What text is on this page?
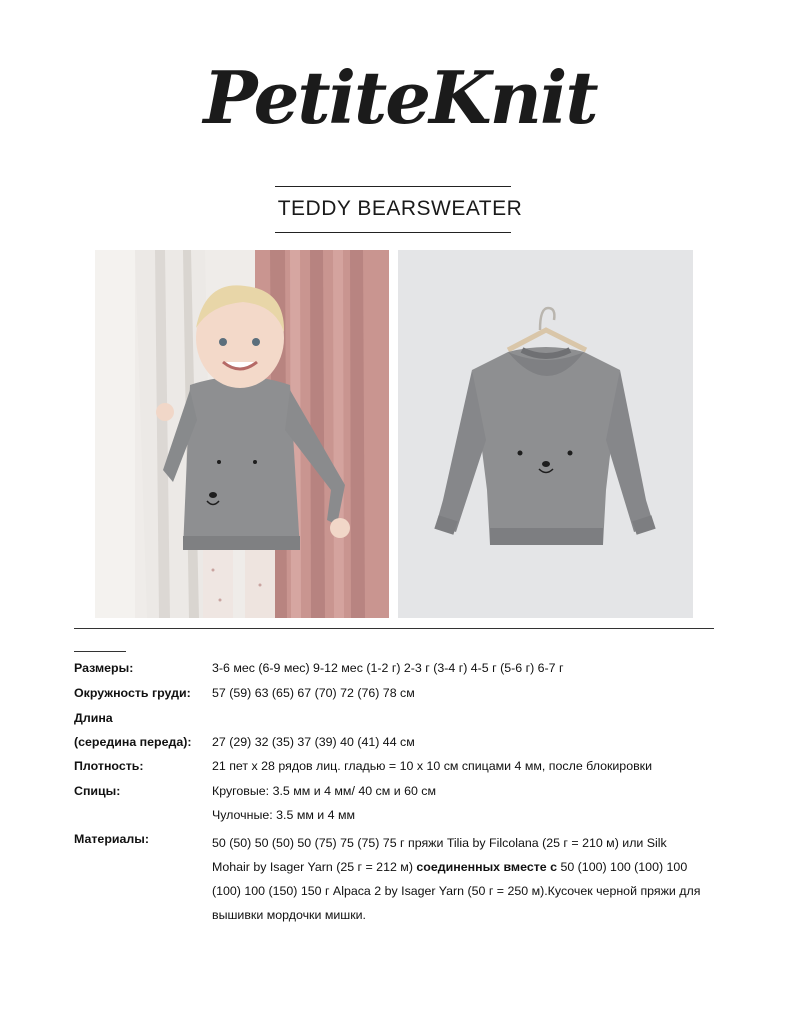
PetiteKnit
TEDDY BEARSWEATER
Размеры:	3-6 мес (6-9 мес) 9-12 мес (1-2 г) 2-3 г (3-4 г) 4-5 г (5-6 г) 6-7 г
Окружность груди: 57 (59) 63 (65) 67 (70) 72 (76) 78 см
Длина
(середина переда): 27 (29) 32 (35) 37 (39) 40 (41) 44 см
Плотность:	21 пет х 28 рядов лиц. гладью = 10 х 10 см спицами 4 мм, после блокировки
Спицы:	Круговые: 3.5 мм и 4 мм/ 40 см и 60 см
Чулочные: 3.5 мм и 4 мм
Материалы:	50 (50) 50 (50) 50 (75) 75 (75) 75 г пряжи Tilia by Filcolana (25 г = 210 м) или Silk Mohair by Isager Yarn (25 г = 212 м) соединенных вместе с 50 (100) 100 (100) 100 (100) 100 (150) 150 г Alpaca 2 by Isager Yarn (50 г = 250 м).Кусочек черной пряжи для вышивки мордочки мишки.
